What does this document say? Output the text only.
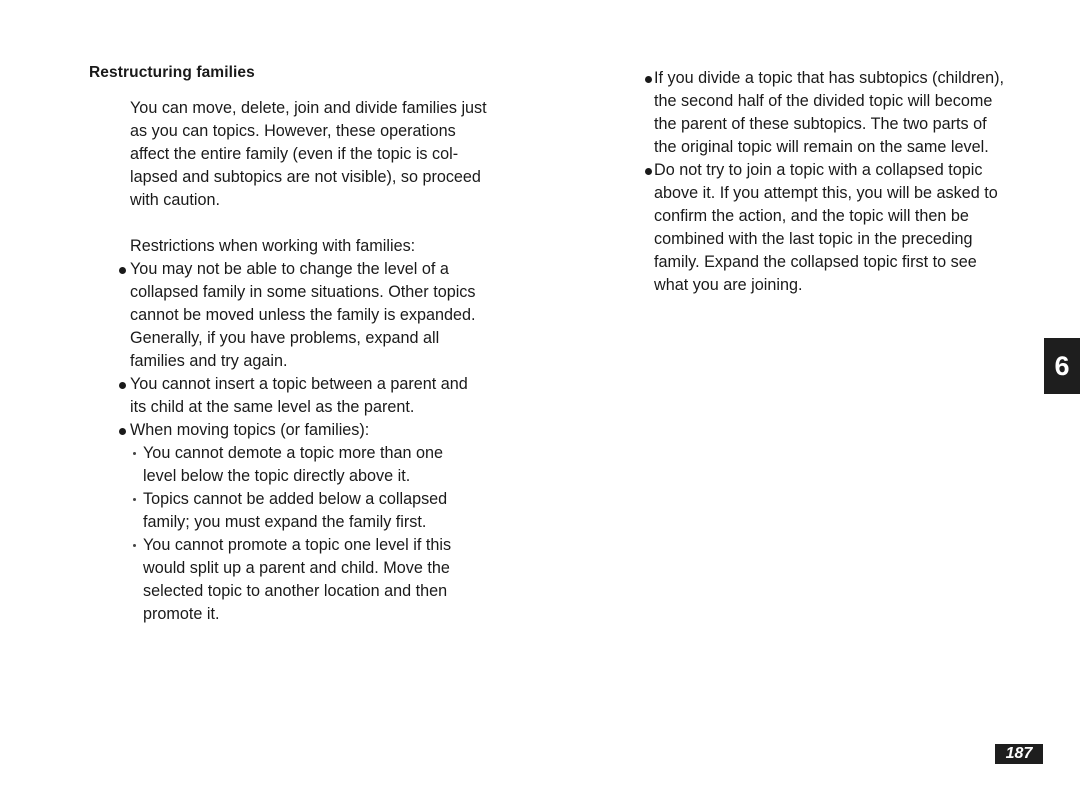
Restructuring families

You can move, delete, join and divide families just
as you can topics. However, these operations
affect the entire family (even if the topic is col-
lapsed and subtopics are not visible), so proceed
with caution.

Restrictions when working with families:

You may not be able to change the level of a
collapsed family in some situations. Other topics
cannot be moved unless the family is expanded.
Generally, if you have problems, expand all
families and try again.
You cannot insert a topic between a parent and
its child at the same level as the parent.
When moving topics (or families):
You cannot demote a topic more than one
level below the topic directly above it.
Topics cannot be added below a collapsed
family; you must expand the family first.
You cannot promote a topic one level if this
would split up a parent and child. Move the
selected topic to another location and then
promote it.
If you divide a topic that has subtopics (children),
the second half of the divided topic will become
the parent of these subtopics. The two parts of
the original topic will remain on the same level.
Do not try to join a topic with a collapsed topic
above it. If you attempt this, you will be asked to
confirm the action, and the topic will then be
combined with the last topic in the preceding
family. Expand the collapsed topic first to see
what you are joining.
6
187
